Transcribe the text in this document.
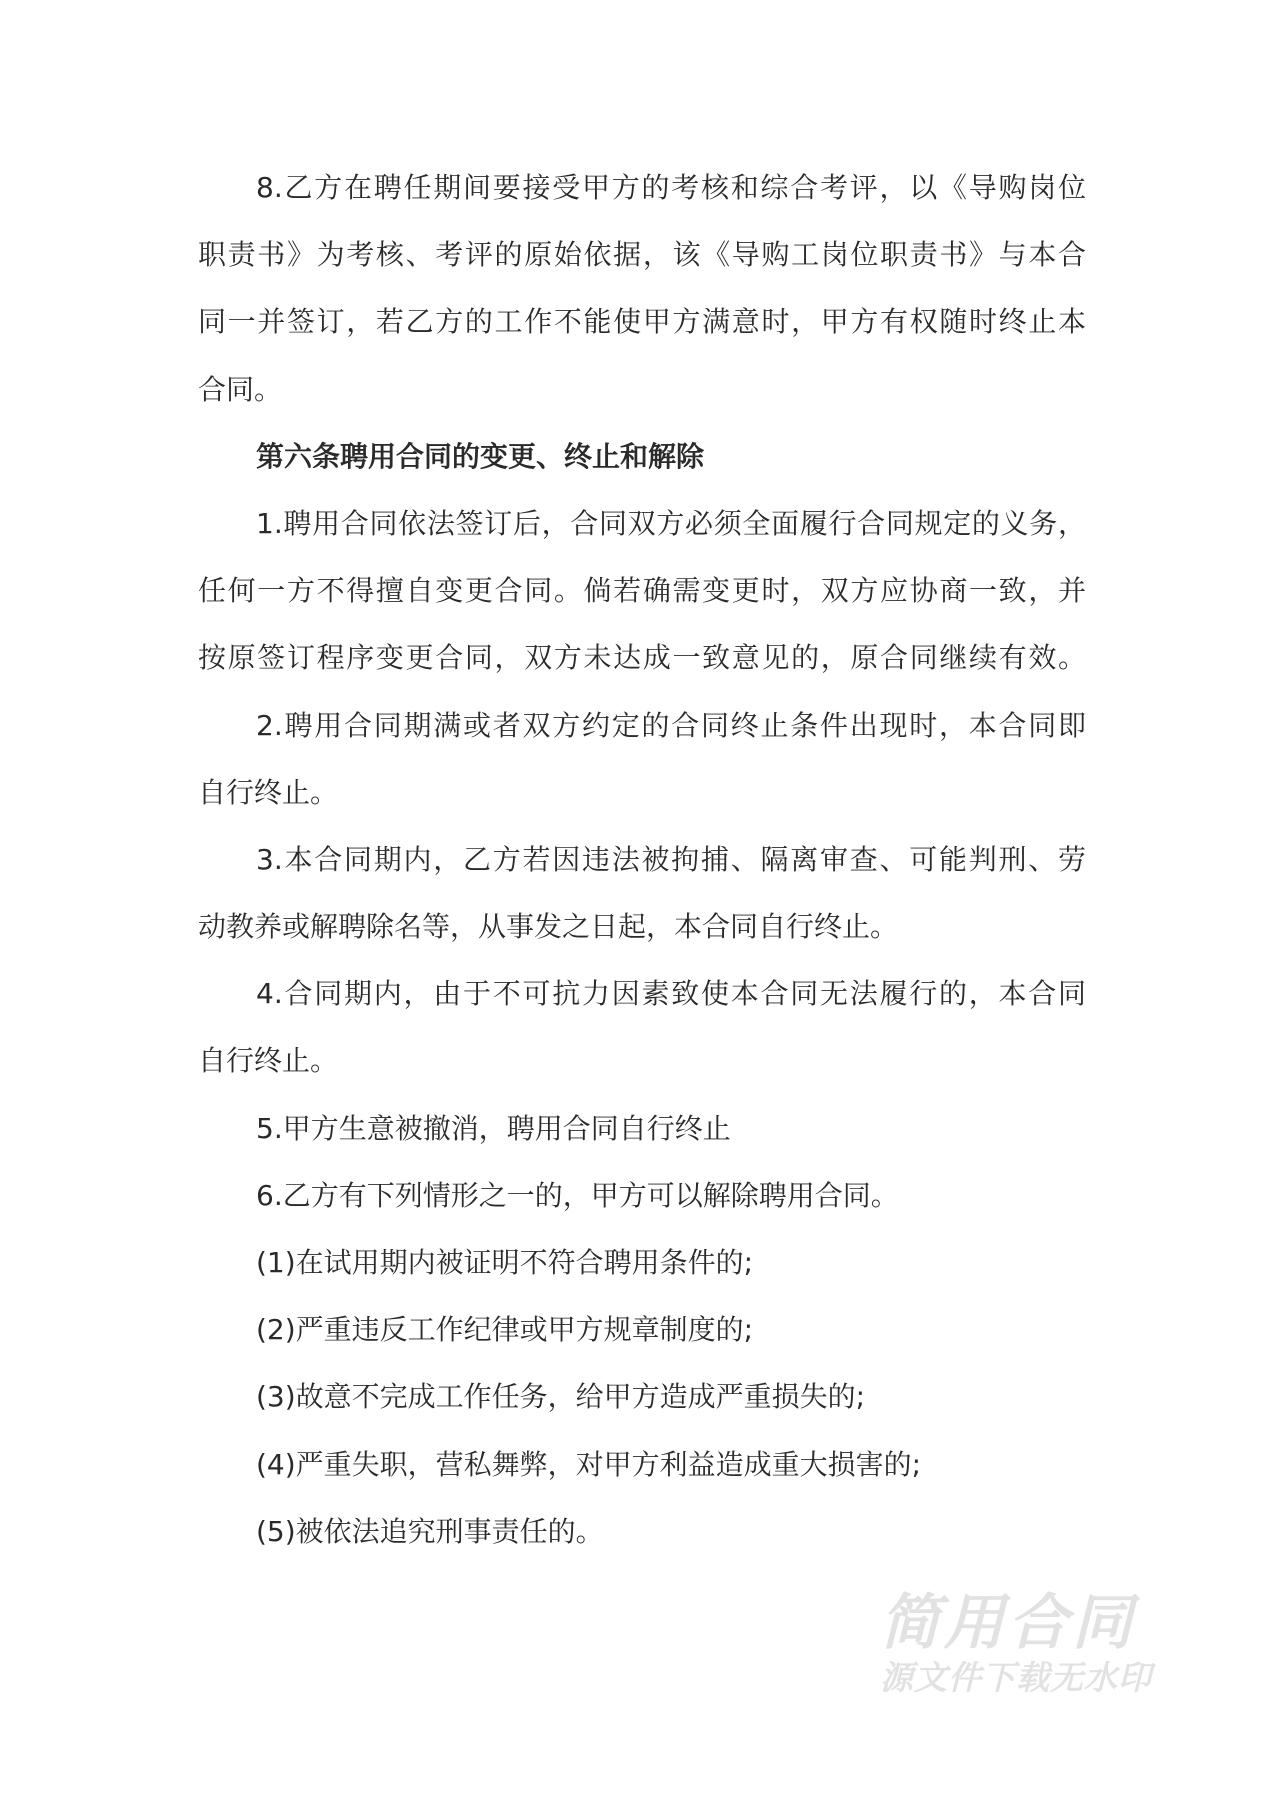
8.乙方在聘任期间要接受甲方的考核和综合考评，以《导购岗位
职责书》为考核、考评的原始依据，该《导购工岗位职责书》与本合
同一并签订，若乙方的工作不能使甲方满意时，甲方有权随时终止本
合同。
第六条聘用合同的变更、终止和解除
1.聘用合同依法签订后，合同双方必须全面履行合同规定的义务，
任何一方不得擅自变更合同。倘若确需变更时，双方应协商一致，并
按原签订程序变更合同，双方未达成一致意见的，原合同继续有效。
2.聘用合同期满或者双方约定的合同终止条件出现时，本合同即
自行终止。
3.本合同期内，乙方若因违法被拘捕、隔离审查、可能判刑、劳
动教养或解聘除名等，从事发之日起，本合同自行终止。
4.合同期内，由于不可抗力因素致使本合同无法履行的，本合同
自行终止。
5.甲方生意被撤消，聘用合同自行终止
6.乙方有下列情形之一的，甲方可以解除聘用合同。
(1)在试用期内被证明不符合聘用条件的;
(2)严重违反工作纪律或甲方规章制度的;
(3)故意不完成工作任务，给甲方造成严重损失的;
(4)严重失职，营私舞弊，对甲方利益造成重大损害的;
(5)被依法追究刑事责任的。
简用合同
源文件下载无水印
